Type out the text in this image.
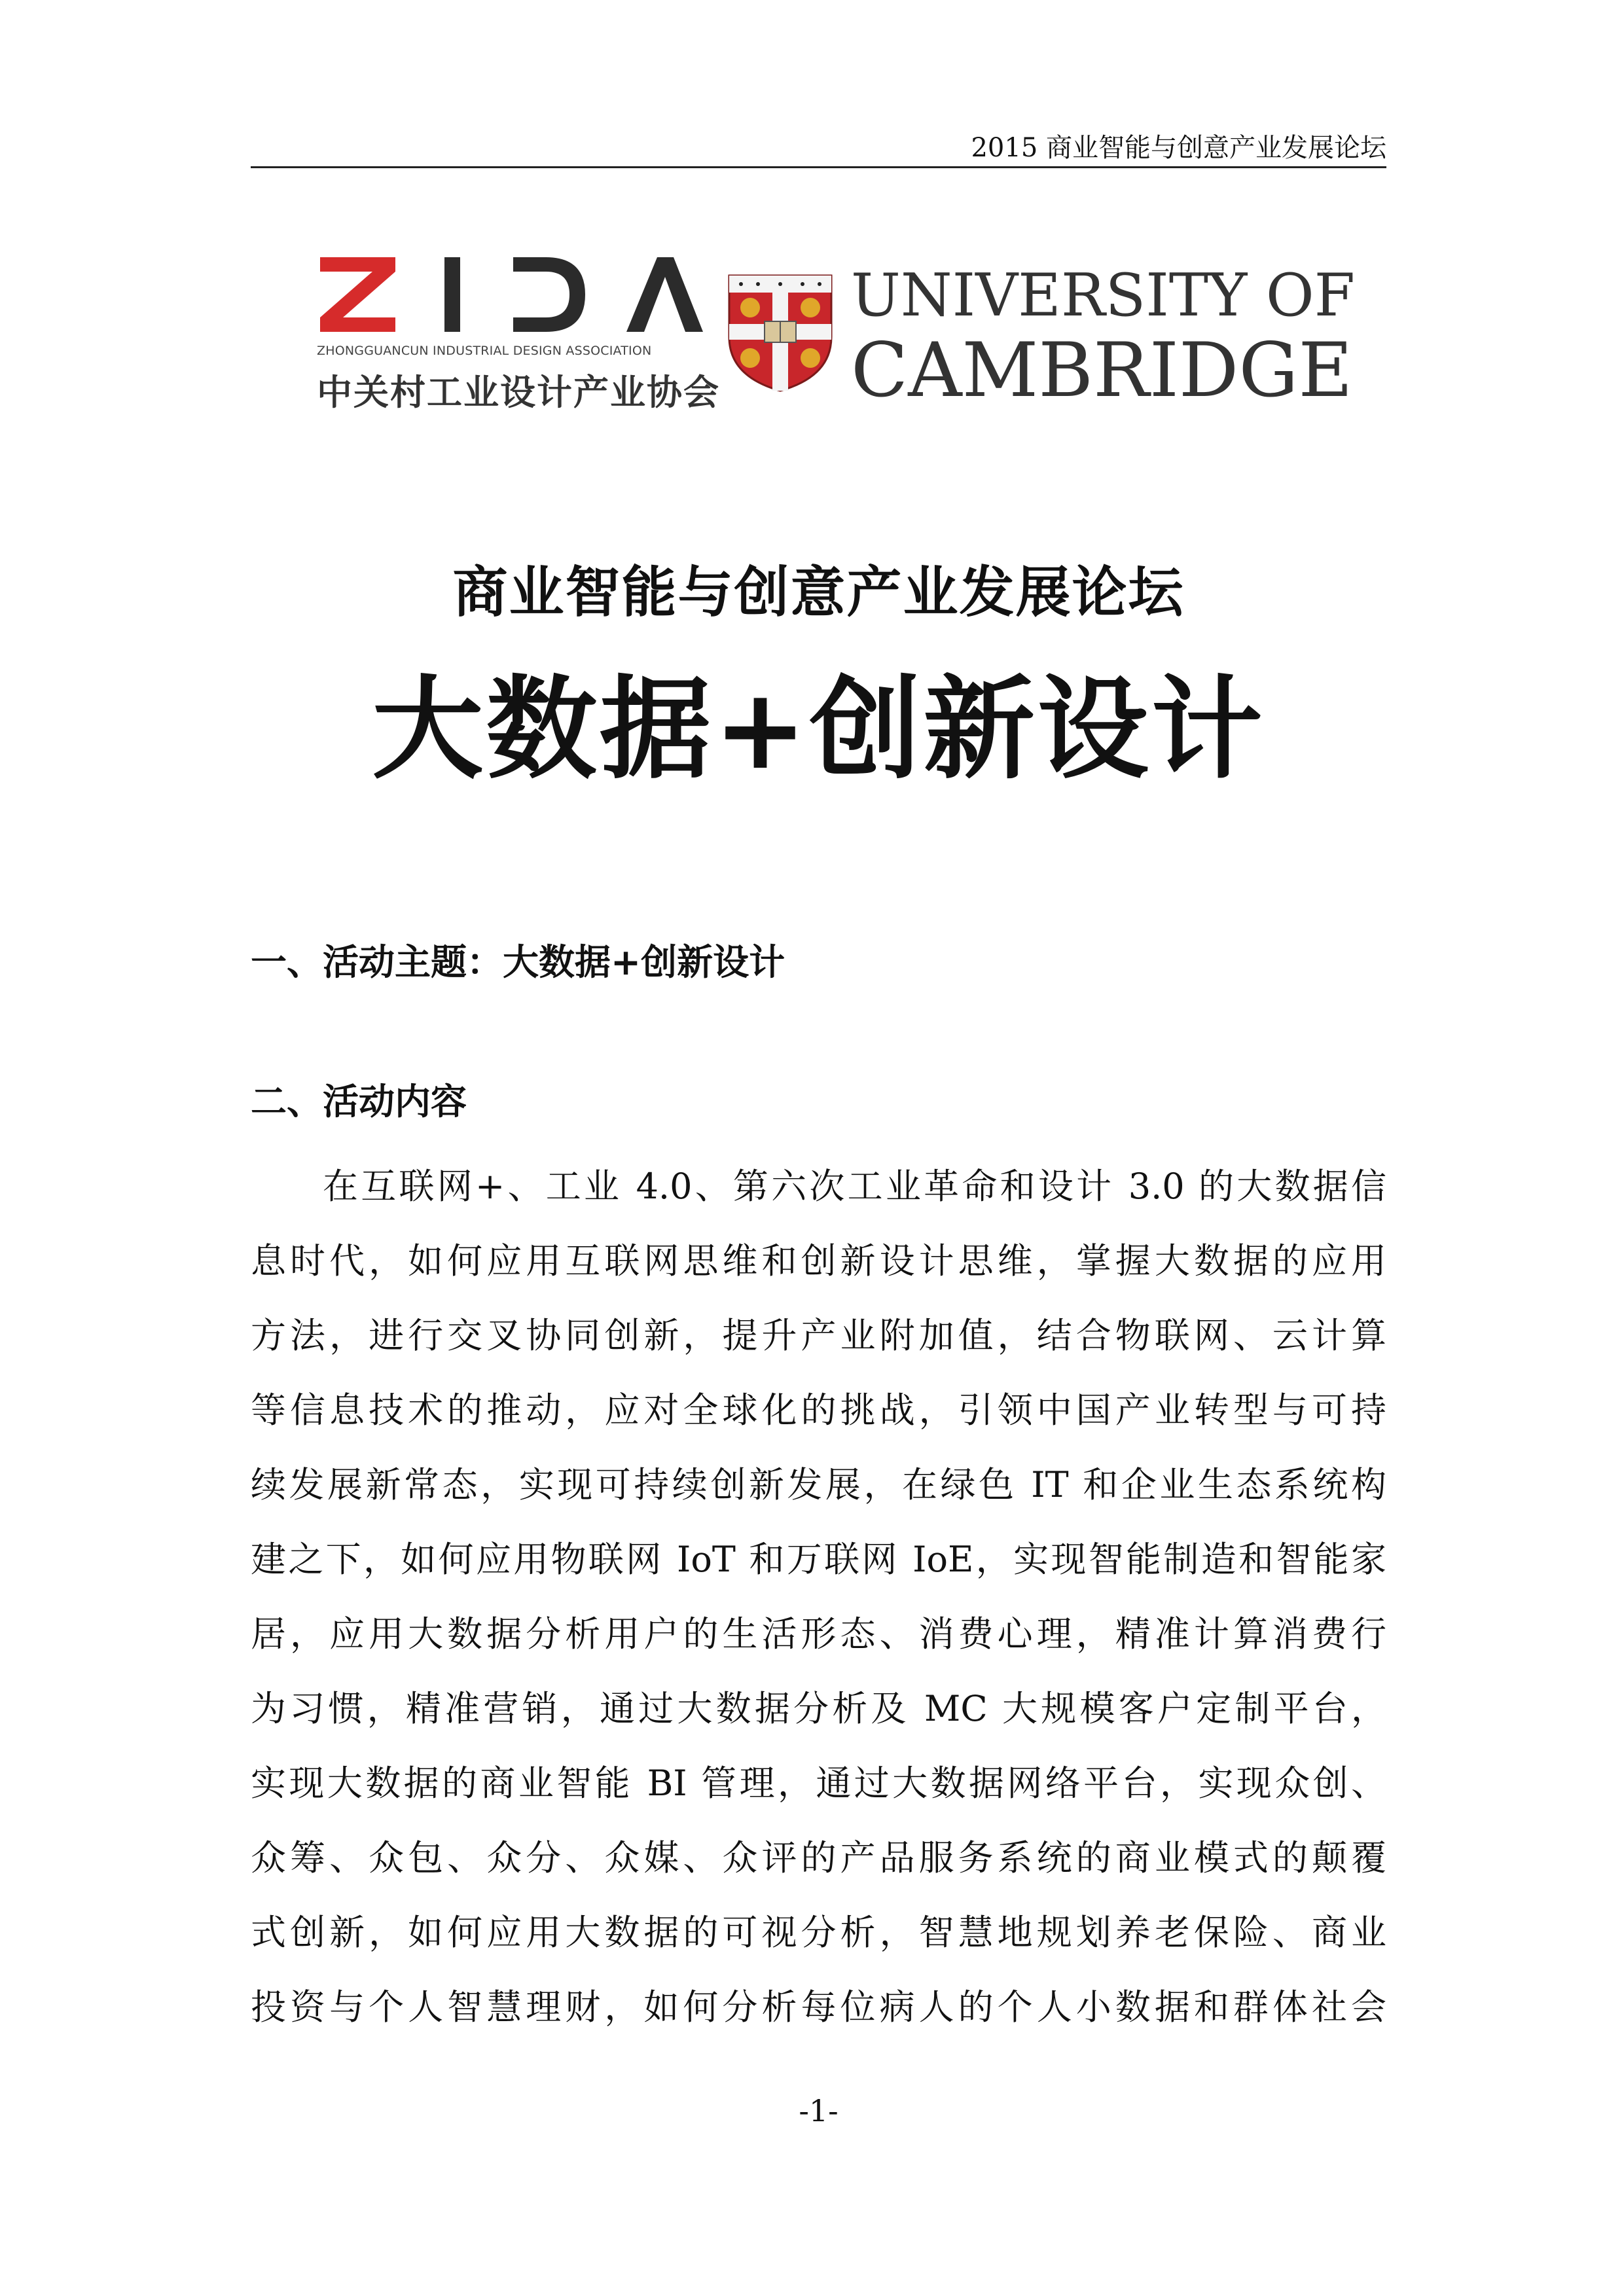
2015 商业智能与创意产业发展论坛
ZHONGGUANCUN INDUSTRIAL DESIGN ASSOCIATION
中关村工业设计产业协会
UNIVERSITY OF
CAMBRIDGE
商业智能与创意产业发展论坛
大数据+创新设计
一、活动主题：大数据+创新设计
二、活动内容
在互联网+、工业 4.0、第六次工业革命和设计 3.0 的大数据信
息时代，如何应用互联网思维和创新设计思维，掌握大数据的应用
方法，进行交叉协同创新，提升产业附加值，结合物联网、云计算
等信息技术的推动，应对全球化的挑战，引领中国产业转型与可持
续发展新常态，实现可持续创新发展，在绿色 IT 和企业生态系统构
建之下，如何应用物联网 IoT 和万联网 IoE，实现智能制造和智能家
居，应用大数据分析用户的生活形态、消费心理，精准计算消费行
为习惯，精准营销，通过大数据分析及 MC 大规模客户定制平台，
实现大数据的商业智能 BI 管理，通过大数据网络平台，实现众创、
众筹、众包、众分、众媒、众评的产品服务系统的商业模式的颠覆
式创新，如何应用大数据的可视分析，智慧地规划养老保险、商业
投资与个人智慧理财，如何分析每位病人的个人小数据和群体社会
-1-
